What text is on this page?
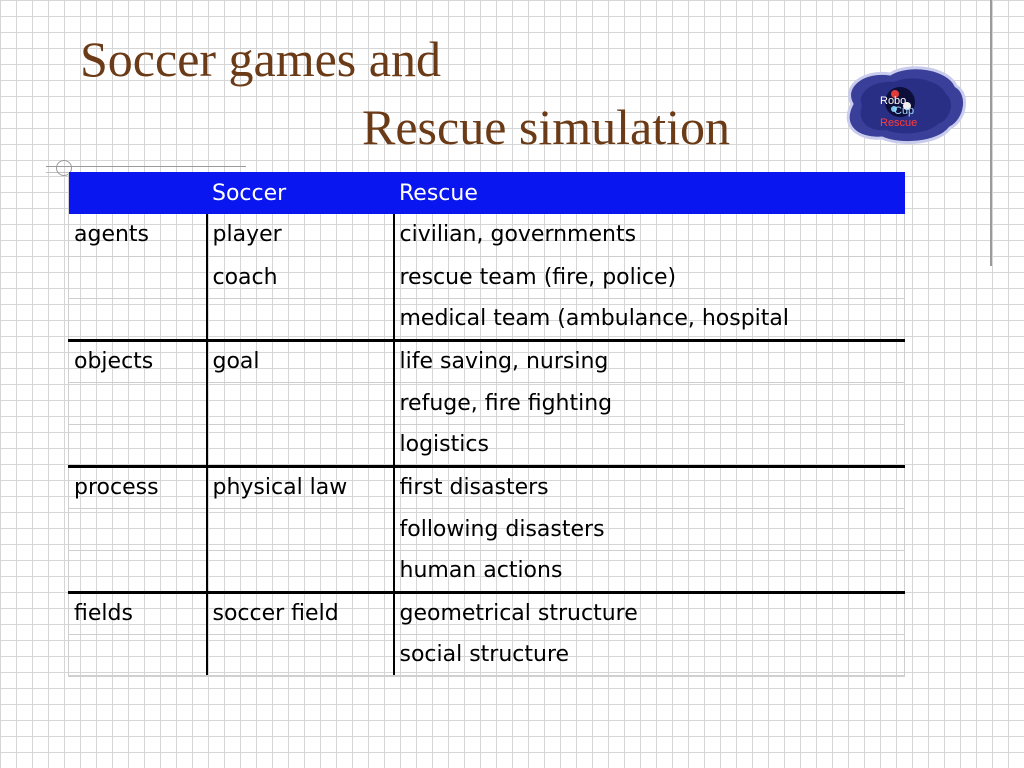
Soccer games and
Rescue simulation	Robo
Cup
Rescue
	Soccer	Rescue
agents	player	civilian, governments
	coach	rescue team (fire, police)
		medical team (ambulance, hospital
objects	goal	life saving, nursing
		refuge, fire fighting
		logistics
process	physical law	first disasters
		following disasters
		human actions
fields	soccer field	geometrical structure
		social structure
